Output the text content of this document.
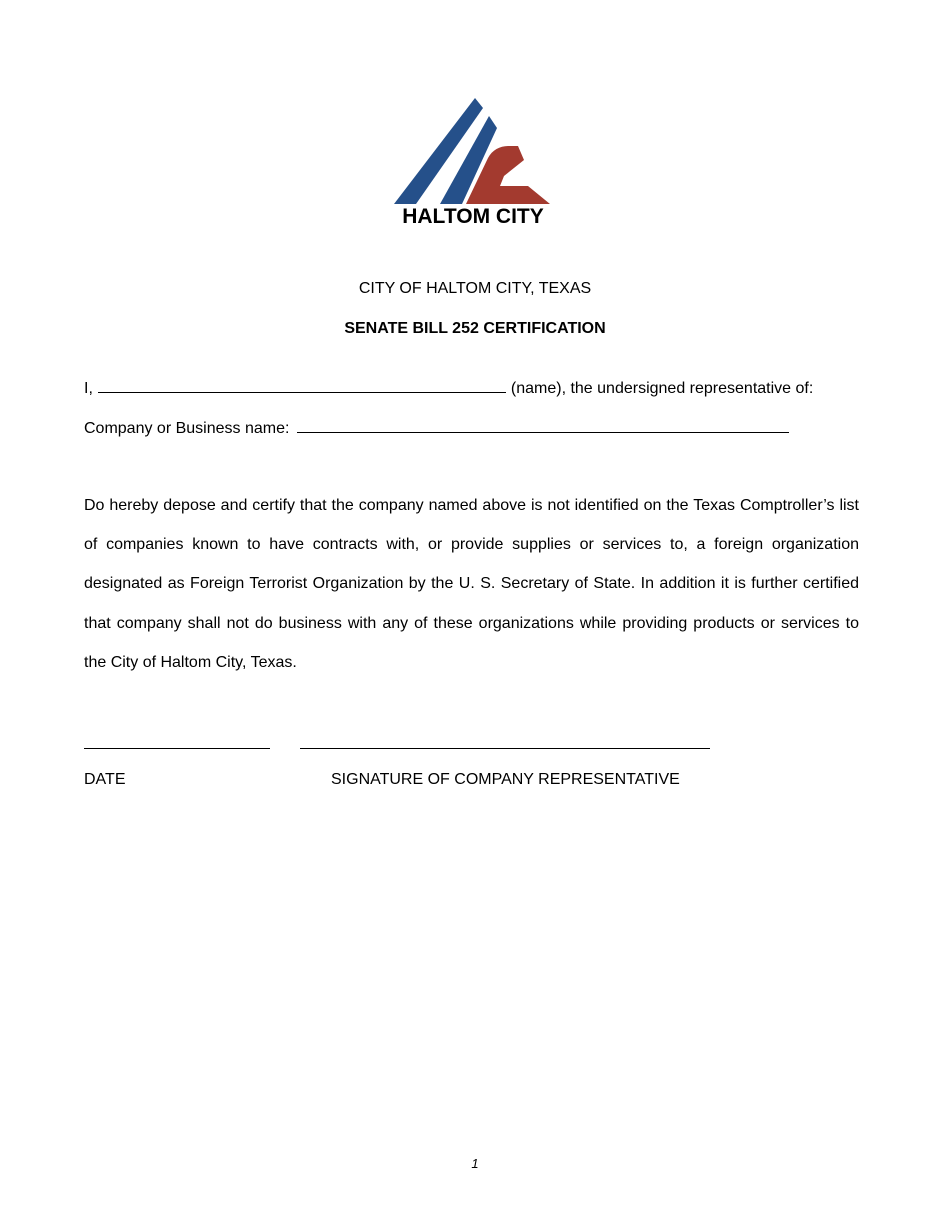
HALTOM CITY
CITY OF HALTOM CITY, TEXAS
SENATE BILL 252 CERTIFICATION
I,	(name), the undersigned representative of:
Company or Business name:
Do hereby depose and certify that the company named above is not identified on the Texas Comptroller’s list of companies known to have contracts with, or provide supplies or services to, a foreign organization designated as Foreign Terrorist Organization by the U. S. Secretary of State. In addition it is further certified that company shall not do business with any of these organizations while providing products or services to the City of Haltom City, Texas.
DATE	SIGNATURE OF COMPANY REPRESENTATIVE
1
